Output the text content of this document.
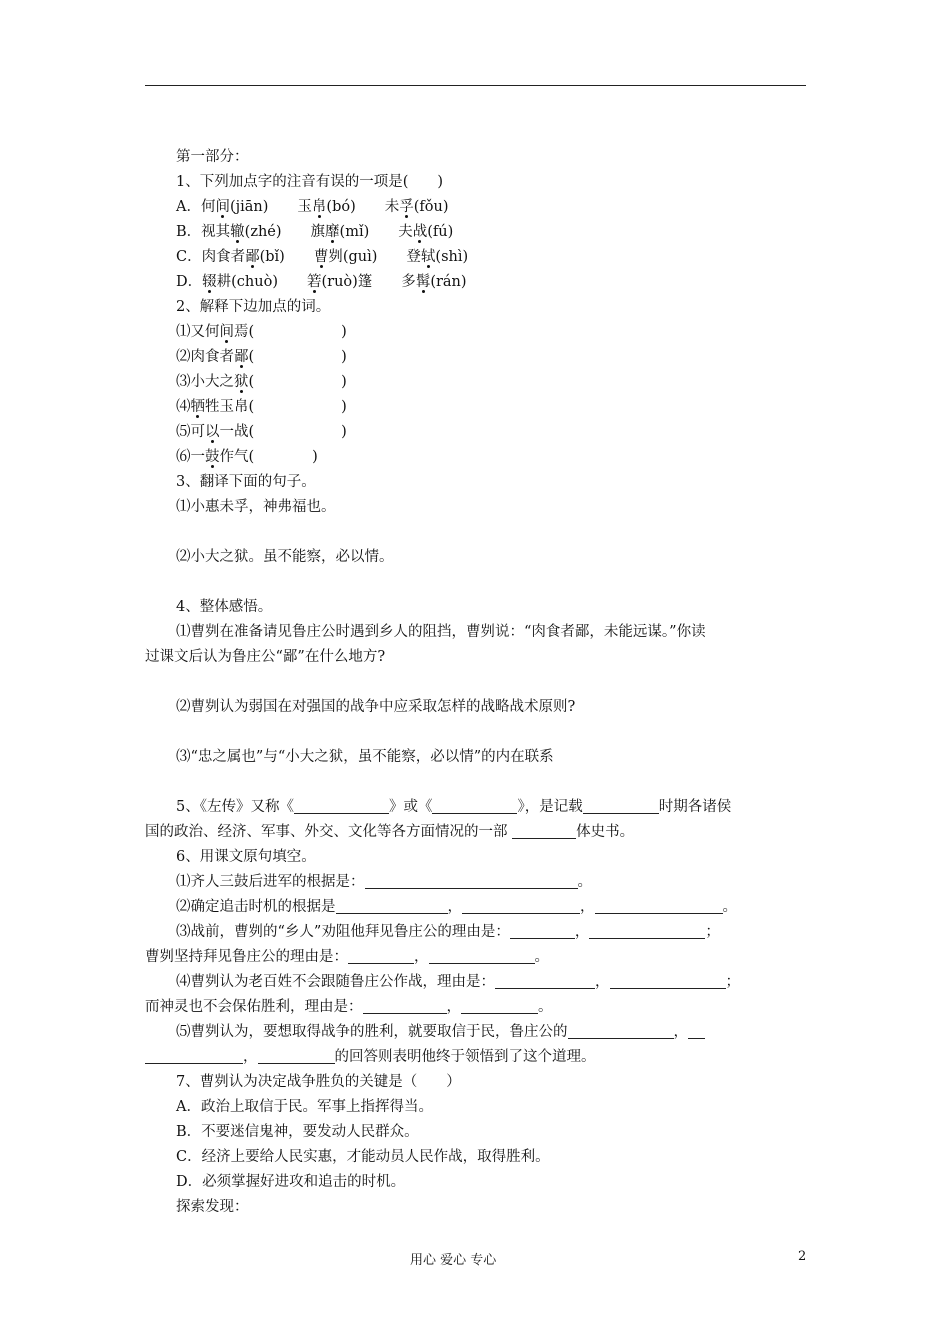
第一部分：
1、下列加点字的注音有误的一项是(　　)
A．何间(jiān)　　玉帛(bó)　　未孚(fǒu)
B．视其辙(zhé)　　旗靡(mǐ)　　夫战(fú)
C．肉食者鄙(bǐ)　　曹刿(guì)　　登轼(shì)
D．辍耕(chuò)　　箬(ruò)篷　　多髯(rán)
2、解释下边加点的词。
⑴又何间焉(　　　　　　)
⑵肉食者鄙(　　　　　　)
⑶小大之狱(　　　　　　)
⑷牺牲玉帛(　　　　　　)
⑸可以一战(　　　　　　)
⑹一鼓作气(　　　　)
3、翻译下面的句子。
⑴小惠未孚，神弗福也。
⑵小大之狱。虽不能察，必以情。
4、整体感悟。
⑴曹刿在准备请见鲁庄公时遇到乡人的阻挡，曹刿说：“肉食者鄙，未能远谋。”你读
过课文后认为鲁庄公“鄙”在什么地方?
⑵曹刿认为弱国在对强国的战争中应采取怎样的战略战术原则?
⑶“忠之属也”与“小大之狱，虽不能察，必以情”的内在联系
5、《左传》又称《	》或《	》，是记载	时期各诸侯
国的政治、经济、军事、外交、文化等各方面情况的一部	体史书。
6、用课文原句填空。
⑴齐人三鼓后进军的根据是：	。
⑵确定追击时机的根据是	，	，	。
⑶战前，曹刿的“乡人”劝阻他拜见鲁庄公的理由是：	，	；
曹刿坚持拜见鲁庄公的理由是：	，	。
⑷曹刿认为老百姓不会跟随鲁庄公作战，理由是：	，	；
而神灵也不会保佑胜利，理由是：	，	。
⑸曹刿认为，要想取得战争的胜利，就要取信于民，鲁庄公的	，
，	的回答则表明他终于领悟到了这个道理。
7、曹刿认为决定战争胜负的关键是（　　）
A．政治上取信于民。军事上指挥得当。
B．不要迷信鬼神，要发动人民群众。
C．经济上要给人民实惠，才能动员人民作战，取得胜利。
D．必须掌握好进攻和追击的时机。
探索发现：
用心 爱心 专心	2
